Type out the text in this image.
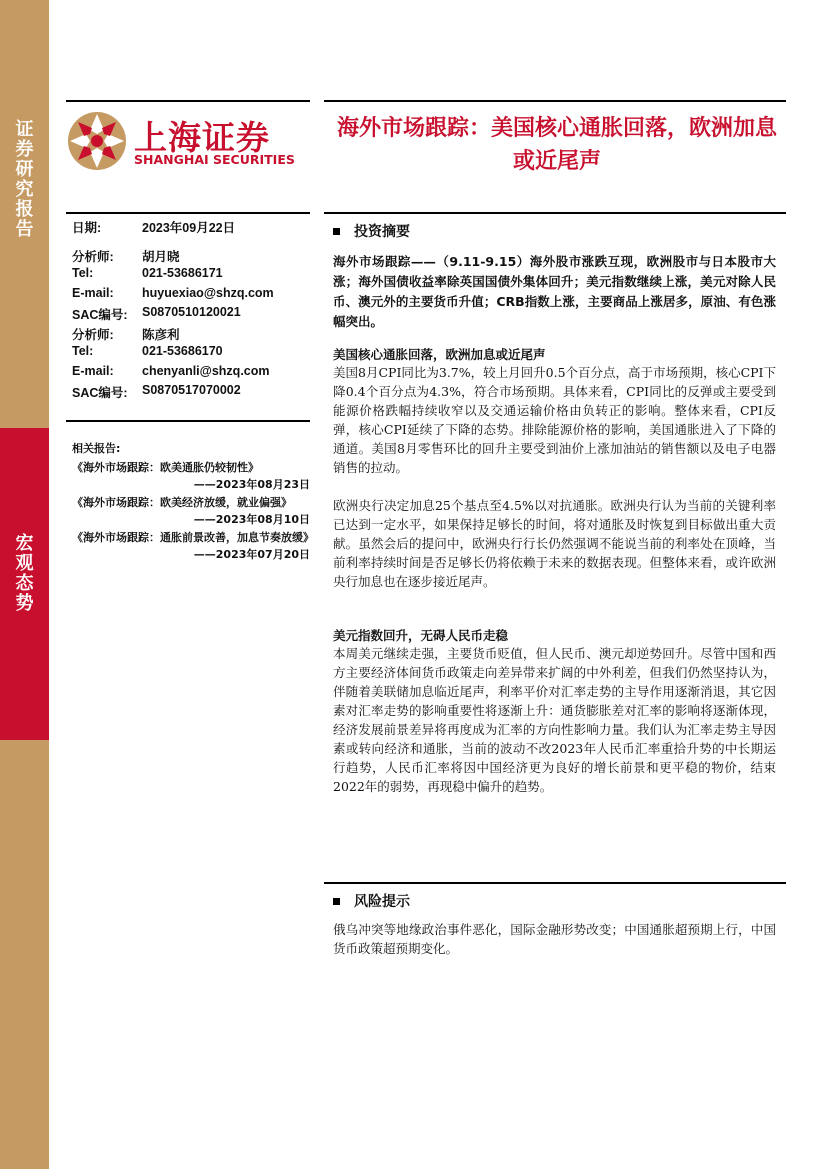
证券研究报告
宏观态势
上海证券
SHANGHAI SECURITIES
海外市场跟踪：美国核心通胀回落，欧洲加息或近尾声
日期:	2023年09月22日
分析师: 胡月晓
Tel:	021-53686171
E-mail: huyuexiao@shzq.com
SAC编号: S0870510120021
分析师: 陈彦利
Tel:	021-53686170
E-mail: chenyanli@shzq.com
SAC编号: S0870517070002
相关报告:
《海外市场跟踪：欧美通胀仍较韧性》
——2023年08月23日
《海外市场跟踪：欧美经济放缓，就业偏强》
——2023年08月10日
《海外市场跟踪：通胀前景改善，加息节奏放缓》
——2023年07月20日
投资摘要
海外市场跟踪——（9.11-9.15）海外股市涨跌互现，欧洲股市与日本股市大涨；海外国债收益率除英国国债外集体回升；美元指数继续上涨，美元对除人民币、澳元外的主要货币升值；CRB指数上涨，主要商品上涨居多，原油、有色涨幅突出。
美国核心通胀回落，欧洲加息或近尾声
美国8月CPI同比为3.7%，较上月回升0.5个百分点，高于市场预期，核心CPI下降0.4个百分点为4.3%，符合市场预期。具体来看，CPI同比的反弹或主要受到能源价格跌幅持续收窄以及交通运输价格由负转正的影响。整体来看，CPI反弹，核心CPI延续了下降的态势。排除能源价格的影响，美国通胀进入了下降的通道。美国8月零售环比的回升主要受到油价上涨加油站的销售额以及电子电器销售的拉动。
欧洲央行决定加息25个基点至4.5%以对抗通胀。欧洲央行认为当前的关键利率已达到一定水平，如果保持足够长的时间，将对通胀及时恢复到目标做出重大贡献。虽然会后的提问中，欧洲央行行长仍然强调不能说当前的利率处在顶峰，当前利率持续时间是否足够长仍将依赖于未来的数据表现。但整体来看，或许欧洲央行加息也在逐步接近尾声。
美元指数回升，无碍人民币走稳
本周美元继续走强，主要货币贬值，但人民币、澳元却逆势回升。尽管中国和西方主要经济体间货币政策走向差异带来扩阔的中外利差，但我们仍然坚持认为，伴随着美联储加息临近尾声，利率平价对汇率走势的主导作用逐渐消退，其它因素对汇率走势的影响重要性将逐渐上升：通货膨胀差对汇率的影响将逐渐体现，经济发展前景差异将再度成为汇率的方向性影响力量。我们认为汇率走势主导因素或转向经济和通胀，当前的波动不改2023年人民币汇率重拾升势的中长期运行趋势，人民币汇率将因中国经济更为良好的增长前景和更平稳的物价，结束2022年的弱势，再现稳中偏升的趋势。
风险提示
俄乌冲突等地缘政治事件恶化，国际金融形势改变；中国通胀超预期上行，中国货币政策超预期变化。
